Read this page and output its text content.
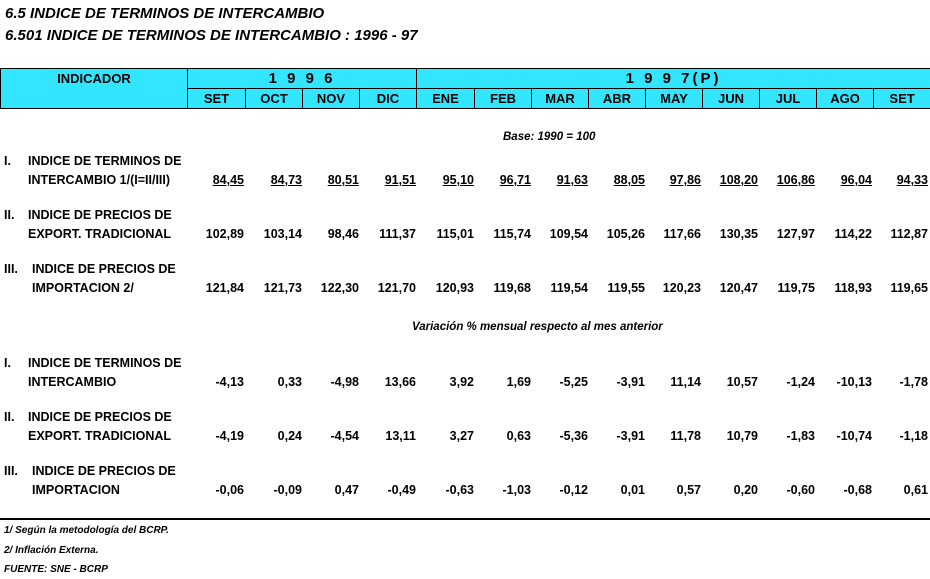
6.5 INDICE DE TERMINOS DE INTERCAMBIO
6.501 INDICE DE TERMINOS DE INTERCAMBIO : 1996 - 97
INDICADOR	1 9 9 6				1 9 9 7(P)								
	SET	OCT	NOV	DIC	ENE	FEB	MAR	ABR	MAY	JUN	JUL	AGO	SET
Base: 1990 = 100
I. INDICE DE TERMINOS DE
INTERCAMBIO 1/(I=II/III)	84,45	84,73	80,51	91,51	95,10	96,71	91,63	88,05	97,86	108,20	106,86	96,04	94,33
II. INDICE DE PRECIOS DE
EXPORT. TRADICIONAL	102,89	103,14	98,46	111,37	115,01	115,74	109,54	105,26	117,66	130,35	127,97	114,22	112,87
III. INDICE DE PRECIOS DE
IMPORTACION 2/	121,84	121,73	122,30	121,70	120,93	119,68	119,54	119,55	120,23	120,47	119,75	118,93	119,65
Variación % mensual respecto al mes anterior
I. INDICE DE TERMINOS DE
INTERCAMBIO	-4,13	0,33	-4,98	13,66	3,92	1,69	-5,25	-3,91	11,14	10,57	-1,24	-10,13	-1,78
II. INDICE DE PRECIOS DE
EXPORT. TRADICIONAL	-4,19	0,24	-4,54	13,11	3,27	0,63	-5,36	-3,91	11,78	10,79	-1,83	-10,74	-1,18
III. INDICE DE PRECIOS DE
IMPORTACION	-0,06	-0,09	0,47	-0,49	-0,63	-1,03	-0,12	0,01	0,57	0,20	-0,60	-0,68	0,61
1/ Según la metodología del BCRP.
2/ Inflación Externa.
FUENTE: SNE - BCRP
